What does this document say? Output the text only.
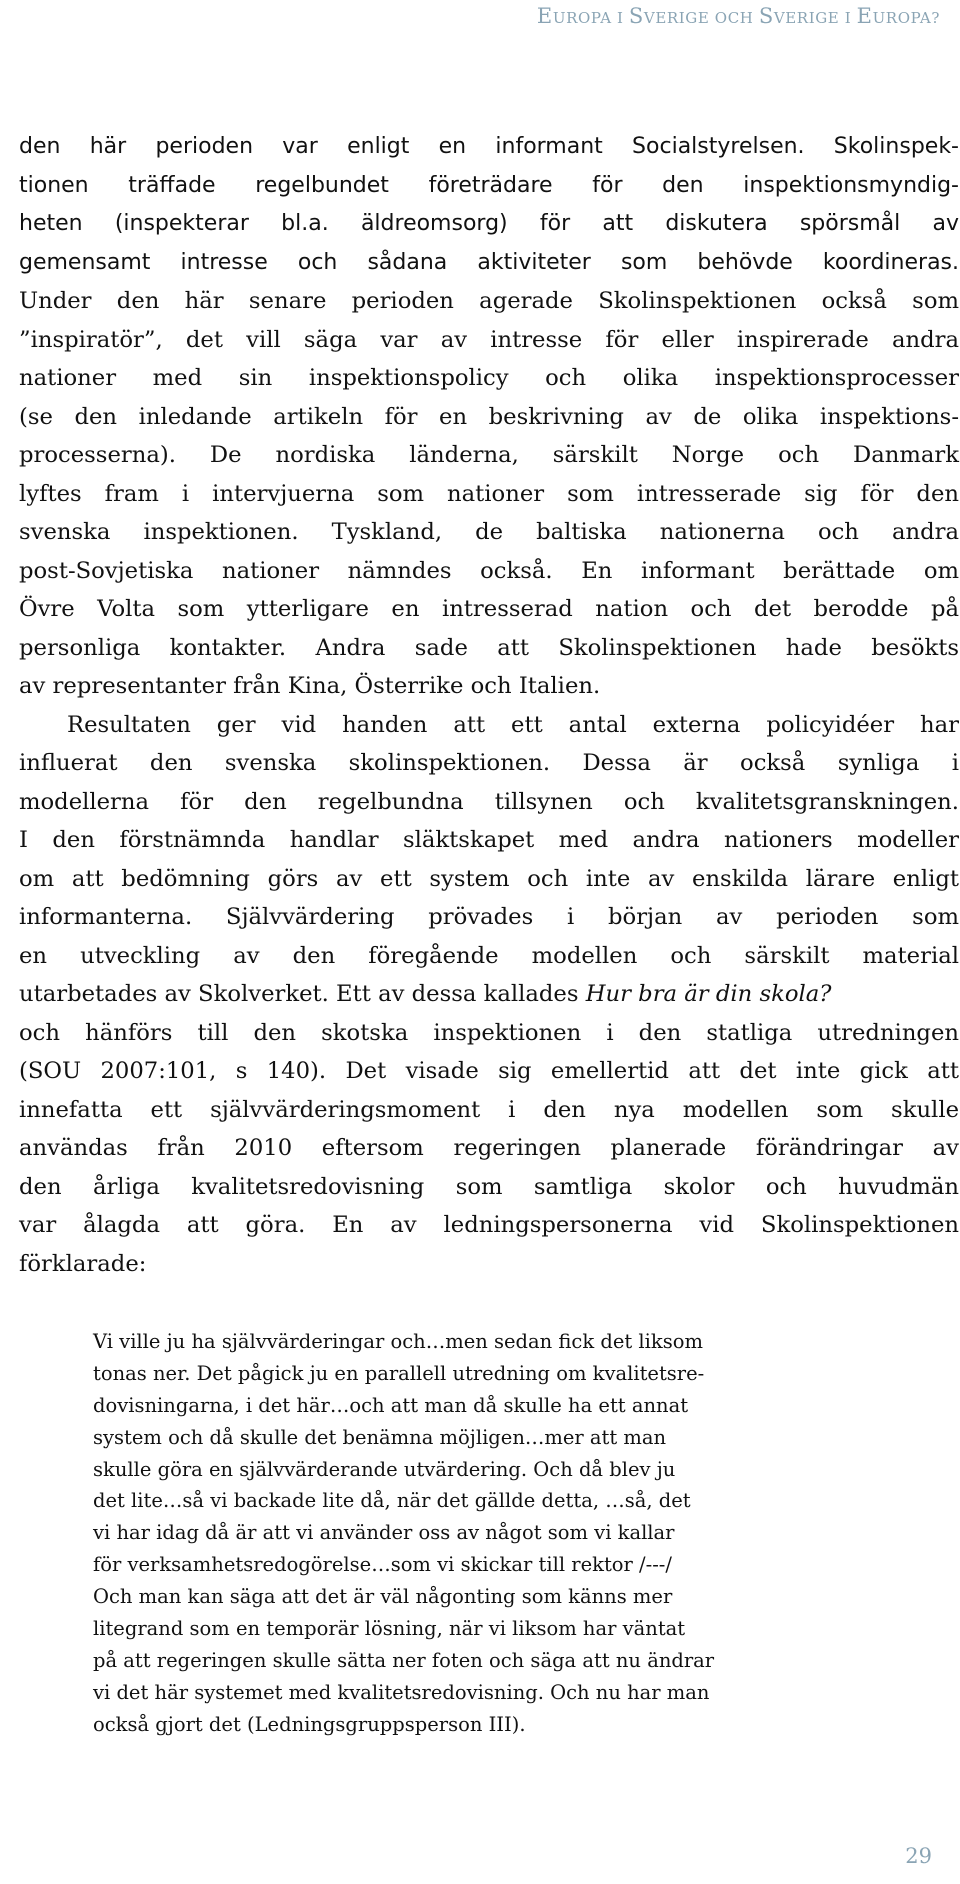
EUROPA I SVERIGE OCH SVERIGE I EUROPA?
den här perioden var enligt en informant Socialstyrelsen. Skolinspek-
tionen träffade regelbundet företrädare för den inspektionsmyndig-
heten (inspekterar bl.a. äldreomsorg) för att diskutera spörsmål av
gemensamt intresse och sådana aktiviteter som behövde koordineras.
Under den här senare perioden agerade Skolinspektionen också som
”inspiratör”, det vill säga var av intresse för eller inspirerade andra
nationer med sin inspektionspolicy och olika inspektionsprocesser
(se den inledande artikeln för en beskrivning av de olika inspektions-
processerna). De nordiska länderna, särskilt Norge och Danmark
lyftes fram i intervjuerna som nationer som intresserade sig för den
svenska inspektionen. Tyskland, de baltiska nationerna och andra
post-Sovjetiska nationer nämndes också. En informant berättade om
Övre Volta som ytterligare en intresserad nation och det berodde på
personliga kontakter. Andra sade att Skolinspektionen hade besökts
av representanter från Kina, Österrike och Italien.
Resultaten ger vid handen att ett antal externa policyidéer har
influerat den svenska skolinspektionen. Dessa är också synliga i
modellerna för den regelbundna tillsynen och kvalitetsgranskningen.
I den förstnämnda handlar släktskapet med andra nationers modeller
om att bedömning görs av ett system och inte av enskilda lärare enligt
informanterna. Självvärdering prövades i början av perioden som
en utveckling av den föregående modellen och särskilt material
utarbetades av Skolverket. Ett av dessa kallades Hur bra är din skola?
och hänförs till den skotska inspektionen i den statliga utredningen
(SOU 2007:101, s 140). Det visade sig emellertid att det inte gick att
innefatta ett självvärderingsmoment i den nya modellen som skulle
användas från 2010 eftersom regeringen planerade förändringar av
den årliga kvalitetsredovisning som samtliga skolor och huvudmän
var ålagda att göra. En av ledningspersonerna vid Skolinspektionen
förklarade:
Vi ville ju ha självvärderingar och…men sedan fick det liksom
tonas ner. Det pågick ju en parallell utredning om kvalitetsre-
dovisningarna, i det här…och att man då skulle ha ett annat
system och då skulle det benämna möjligen…mer att man
skulle göra en självvärderande utvärdering. Och då blev ju
det lite…så vi backade lite då, när det gällde detta, …så, det
vi har idag då är att vi använder oss av något som vi kallar
för verksamhetsredogörelse…som vi skickar till rektor /---/
Och man kan säga att det är väl någonting som känns mer
litegrand som en temporär lösning, när vi liksom har väntat
på att regeringen skulle sätta ner foten och säga att nu ändrar
vi det här systemet med kvalitetsredovisning. Och nu har man
också gjort det (Ledningsgruppsperson III).
29
